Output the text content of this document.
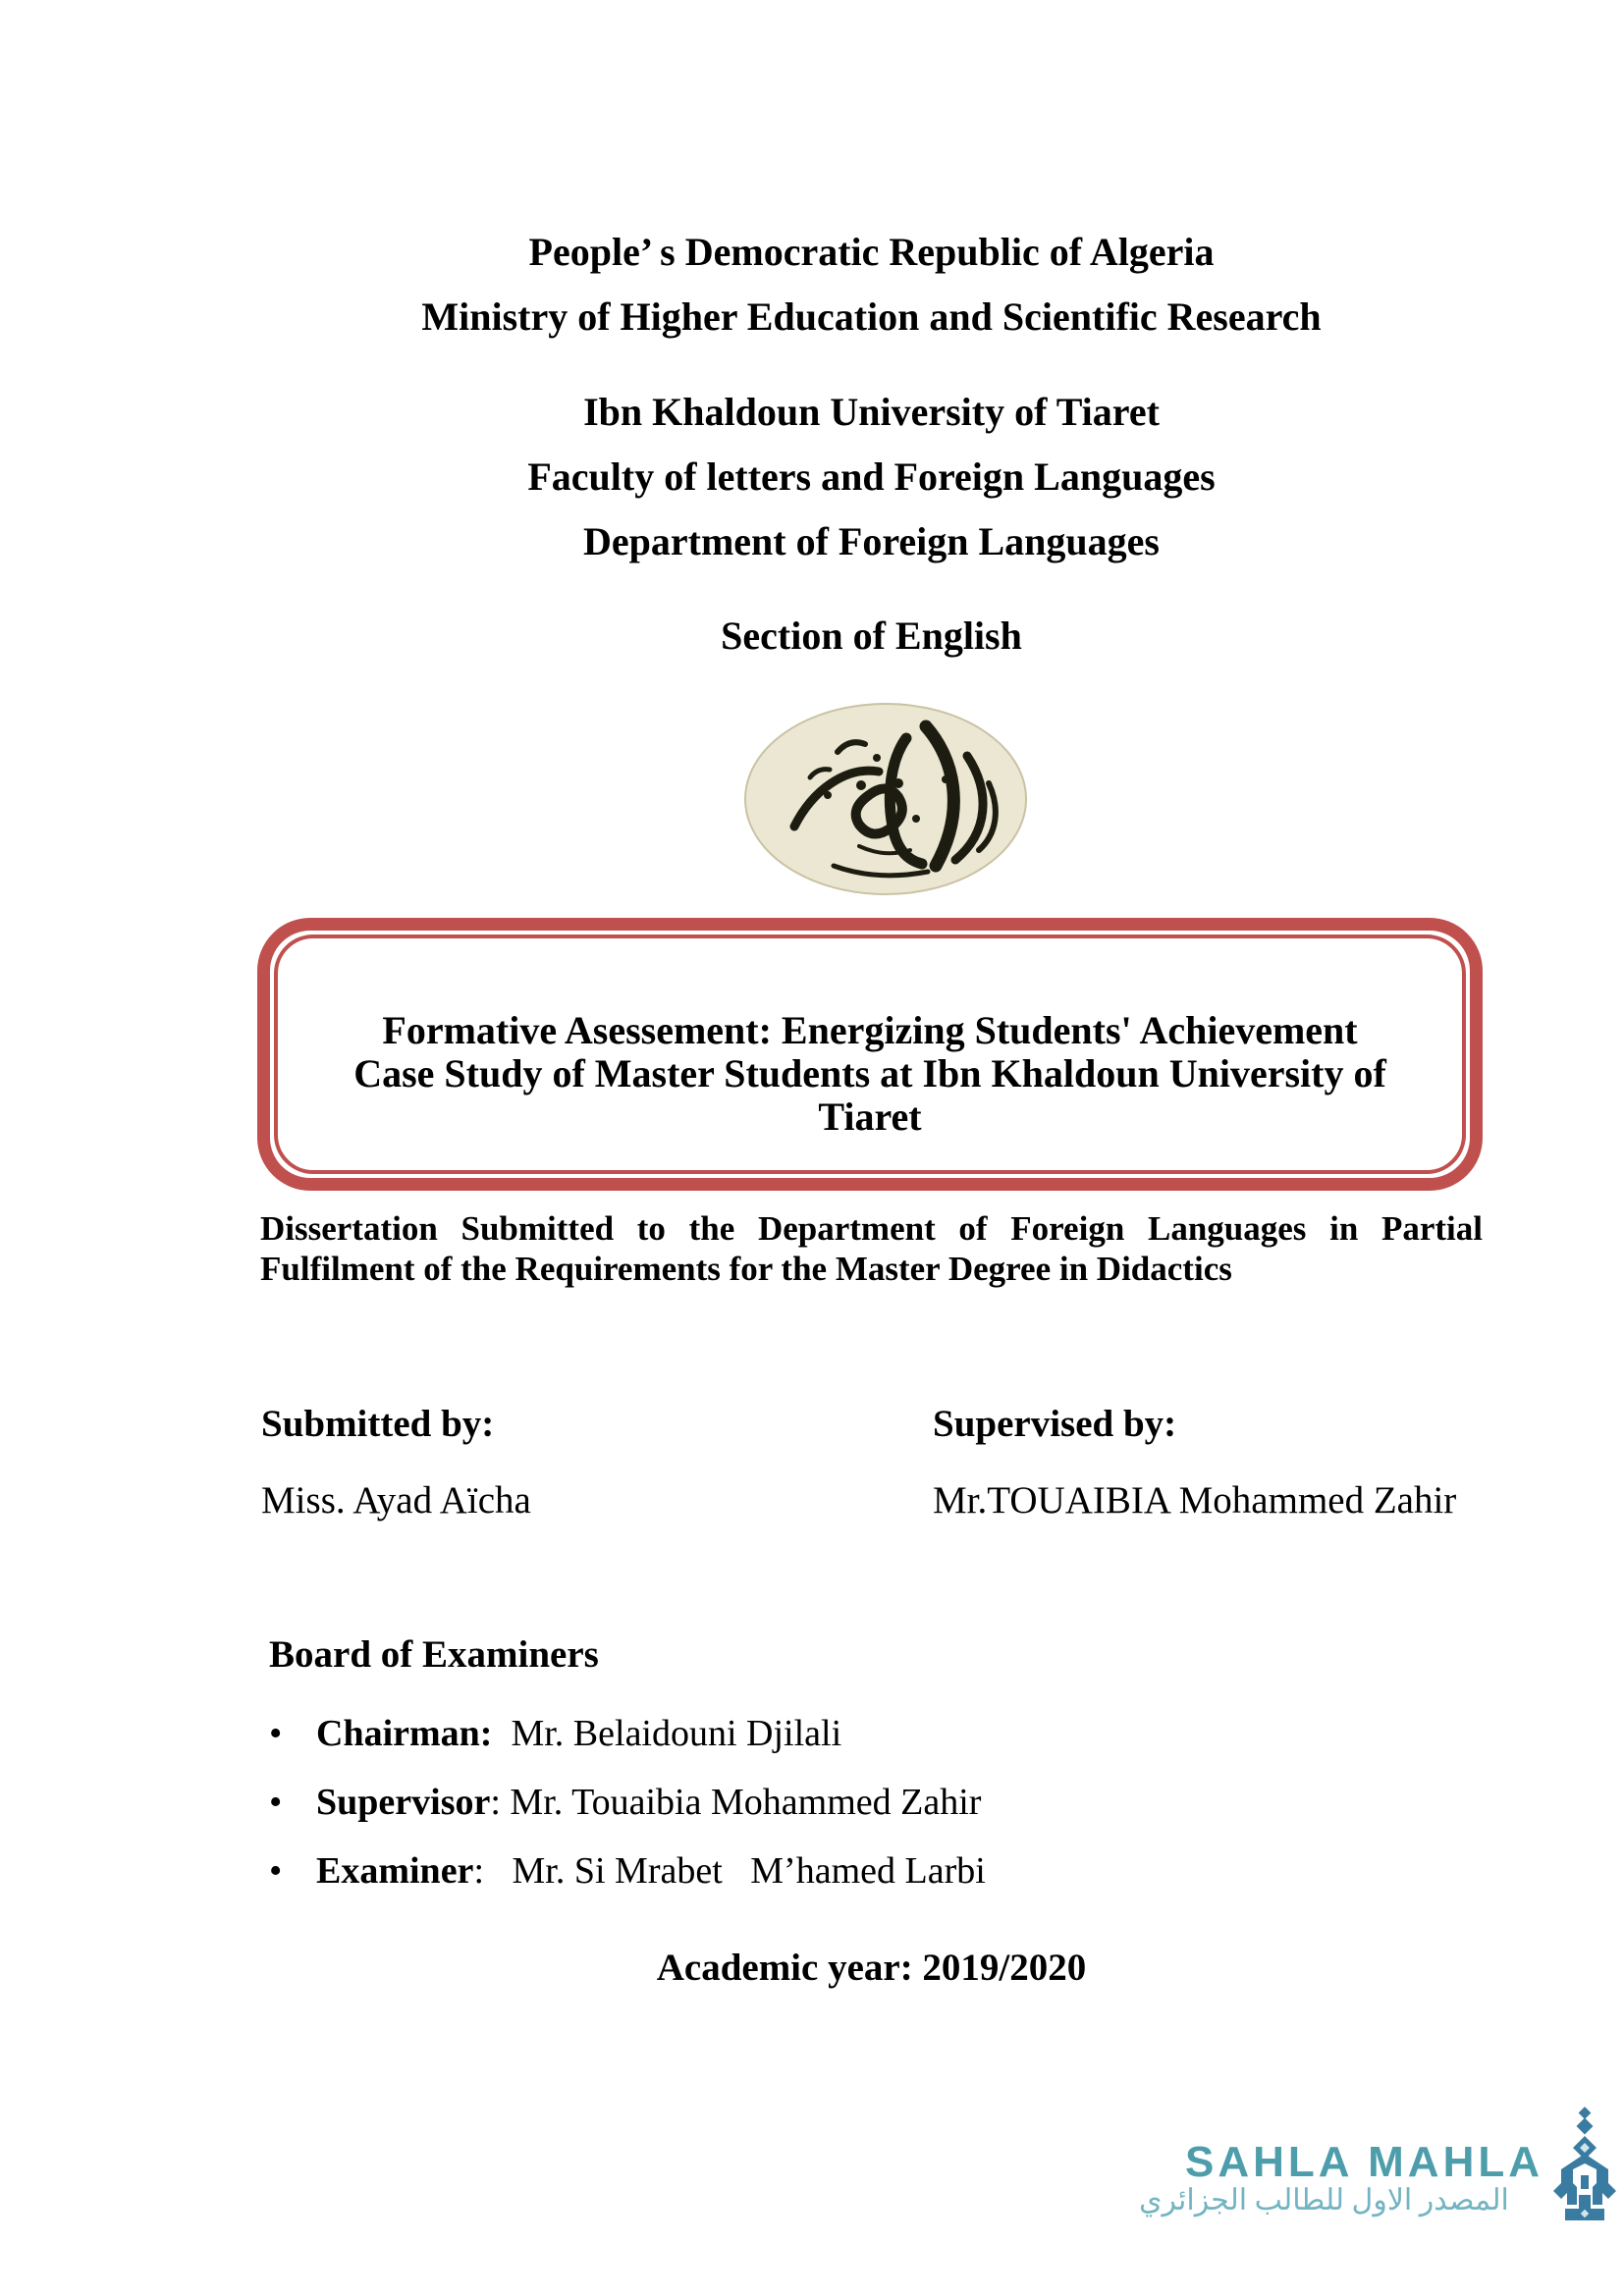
People’ s Democratic Republic of Algeria
Ministry of Higher Education and Scientific Research
Ibn Khaldoun University of Tiaret
Faculty of letters and Foreign Languages
Department of Foreign Languages
Section of English
Formative Asessement: Energizing Students' Achievement
Case Study of Master Students at Ibn Khaldoun University of
Tiaret
Dissertation Submitted to the Department of Foreign Languages in Partial
Fulfilment of the Requirements for the Master Degree in Didactics
Submitted by:
Miss. Ayad Aïcha
Supervised by:
Mr.TOUAIBIA Mohammed Zahir
Board of Examiners
• Chairman:  Mr. Belaidouni Djilali
• Supervisor: Mr. Touaibia Mohammed Zahir
• Examiner:   Mr. Si Mrabet   M’hamed Larbi
Academic year: 2019/2020
SAHLA MAHLA
المصدر الاول للطالب الجزائري
